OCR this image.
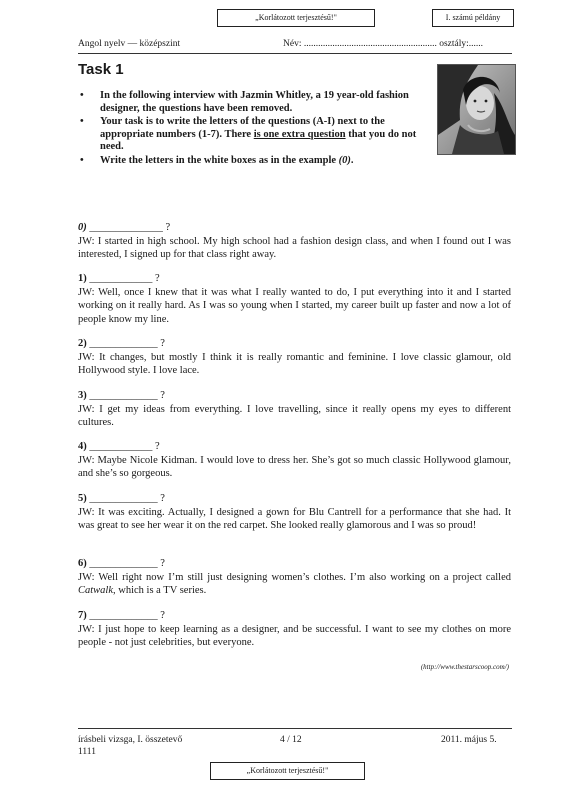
„Korlátozott terjesztésű!"	I. számú példány
Angol nyelv — középszint	Név: ........................................................ osztály:......
Task 1
• In the following interview with Jazmin Whitley, a 19 year-old fashion designer, the questions have been removed.
• Your task is to write the letters of the questions (A-I) next to the appropriate numbers (1-7). There is one extra question that you do not need.
• Write the letters in the white boxes as in the example (0).
0) ______________ ?
JW: I started in high school. My high school had a fashion design class, and when I found out I was interested, I signed up for that class right away.
1) ____________ ?
JW: Well, once I knew that it was what I really wanted to do, I put everything into it and I started working on it really hard. As I was so young when I started, my career built up faster and now a lot of people know my line.
2) _____________ ?
JW: It changes, but mostly I think it is really romantic and feminine. I love classic glamour, old Hollywood style. I love lace.
3) _____________ ?
JW: I get my ideas from everything. I love travelling, since it really opens my eyes to different cultures.
4) ____________ ?
JW: Maybe Nicole Kidman. I would love to dress her. She’s got so much classic Hollywood glamour, and she’s so gorgeous.
5) _____________ ?
JW: It was exciting. Actually, I designed a gown for Blu Cantrell for a performance that she had. It was great to see her wear it on the red carpet. She looked really glamorous and I was so proud!
6) _____________ ?
JW: Well right now I’m still just designing women’s clothes. I’m also working on a project called Catwalk, which is a TV series.
7) _____________ ?
JW: I just hope to keep learning as a designer, and be successful. I want to see my clothes on more people - not just celebrities, but everyone.
(http://www.thestarscoop.com/)
írásbeli vizsga, I. összetevő
1111
4 / 12	2011. május 5.
„Korlátozott terjesztésű!"
